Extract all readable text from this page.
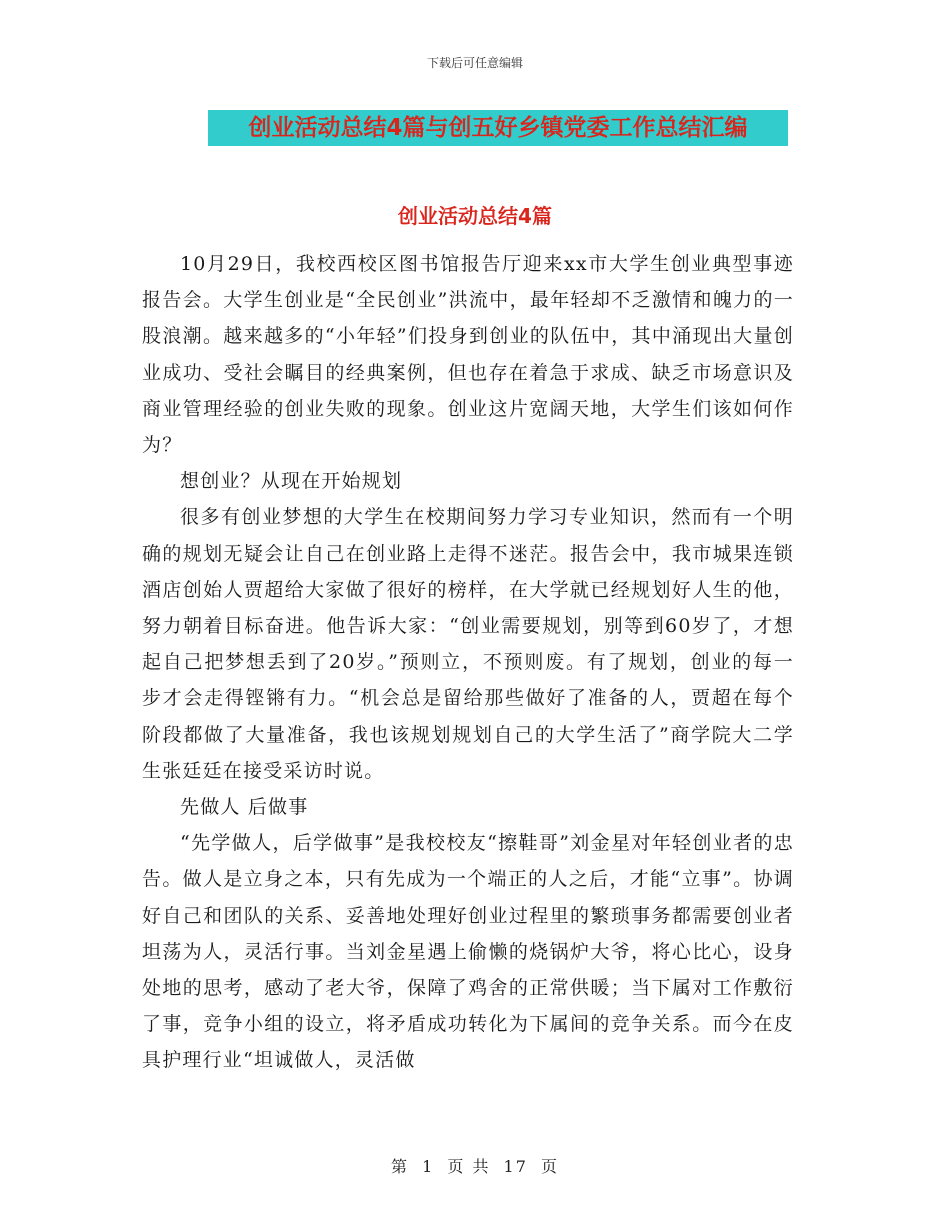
下载后可任意编辑
创业活动总结4篇与创五好乡镇党委工作总结汇编
创业活动总结4篇

10月29日，我校西校区图书馆报告厅迎来xx市大学生创业典型事迹报告会。大学生创业是“全民创业”洪流中，最年轻却不乏激情和魄力的一股浪潮。越来越多的“小年轻”们投身到创业的队伍中，其中涌现出大量创业成功、受社会瞩目的经典案例，但也存在着急于求成、缺乏市场意识及商业管理经验的创业失败的现象。创业这片宽阔天地，大学生们该如何作为？

想创业？从现在开始规划

很多有创业梦想的大学生在校期间努力学习专业知识，然而有一个明确的规划无疑会让自己在创业路上走得不迷茫。报告会中，我市城果连锁酒店创始人贾超给大家做了很好的榜样，在大学就已经规划好人生的他，努力朝着目标奋进。他告诉大家：“创业需要规划，别等到60岁了，才想起自己把梦想丢到了20岁。”预则立，不预则废。有了规划，创业的每一步才会走得铿锵有力。“机会总是留给那些做好了准备的人，贾超在每个阶段都做了大量准备，我也该规划规划自己的大学生活了”商学院大二学生张廷廷在接受采访时说。

先做人 后做事

“先学做人，后学做事”是我校校友“擦鞋哥”刘金星对年轻创业者的忠告。做人是立身之本，只有先成为一个端正的人之后，才能“立事”。协调好自己和团队的关系、妥善地处理好创业过程里的繁琐事务都需要创业者坦荡为人，灵活行事。当刘金星遇上偷懒的烧锅炉大爷，将心比心，设身处地的思考，感动了老大爷，保障了鸡舍的正常供暖；当下属对工作敷衍了事，竞争小组的设立，将矛盾成功转化为下属间的竞争关系。而今在皮具护理行业“坦诚做人，灵活做

第 1 页 共 17 页
